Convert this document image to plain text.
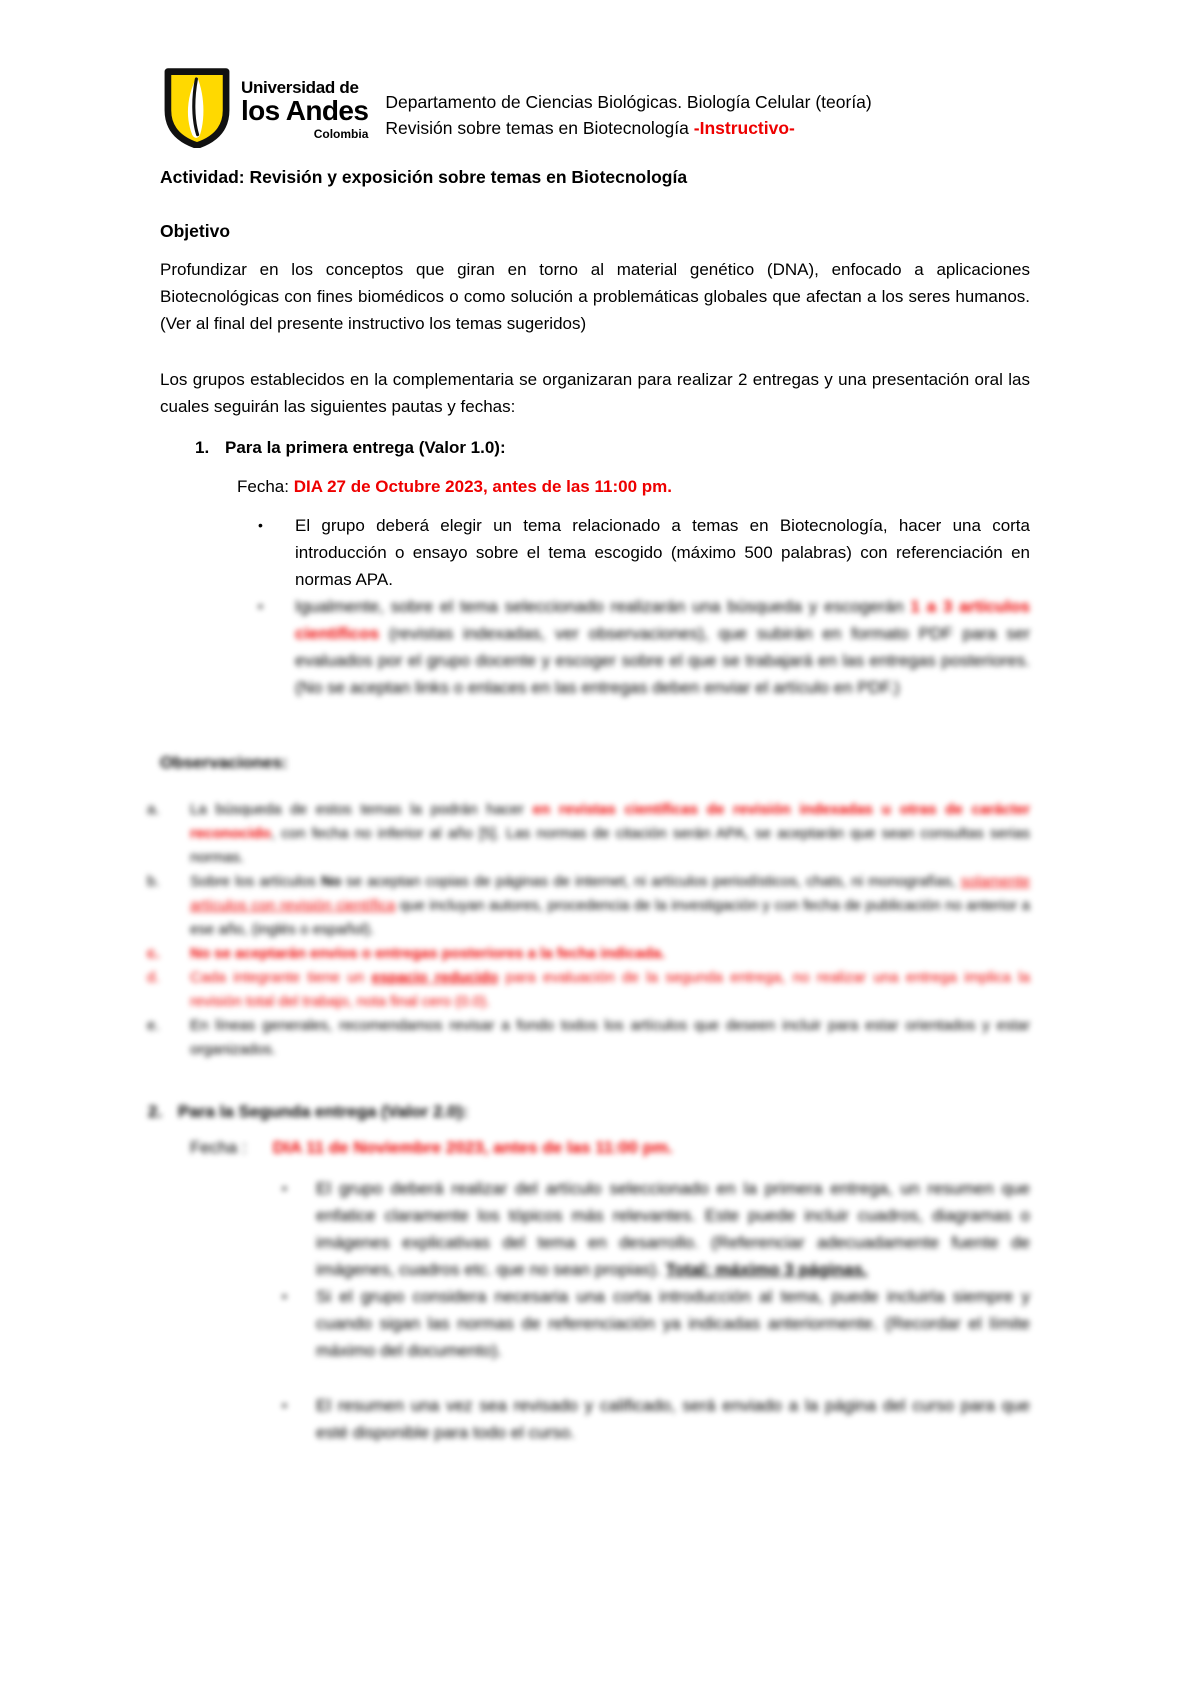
Universidad de
los Andes
Colombia
Departamento de Ciencias Biológicas. Biología Celular (teoría)
Revisión sobre temas en Biotecnología -Instructivo-
Actividad: Revisión y exposición sobre temas en Biotecnología
Objetivo

Profundizar en los conceptos que giran en torno al material genético (DNA), enfocado a aplicaciones Biotecnológicas con fines biomédicos o como solución a problemáticas globales que afectan a los seres humanos. (Ver al final del presente instructivo los temas sugeridos)

Los grupos establecidos en la complementaria se organizaran para realizar 2 entregas y una presentación oral las cuales seguirán las siguientes pautas y fechas:

1. Para la primera entrega (Valor 1.0):
Fecha: DIA 27 de Octubre 2023, antes de las 11:00 pm.
•	El grupo deberá elegir un tema relacionado a temas en Biotecnología, hacer una corta introducción o ensayo sobre el tema escogido (máximo 500 palabras) con referenciación en normas APA.
•	Igualmente, sobre el tema seleccionado realizarán una búsqueda y escogerán 1 a 3 artículos científicos (revistas indexadas, ver observaciones), que subirán en formato PDF para ser evaluados por el grupo docente y escoger sobre el que se trabajará en las entregas posteriores. (No se aceptan links o enlaces en las entregas deben enviar el artículo en PDF.)
Observaciones:
a.	La búsqueda de estos temas la podrán hacer en revistas científicas de revisión indexadas u otras de carácter reconocido, con fecha no inferior al año [5]. Las normas de citación serán APA, se aceptarán que sean consultas serias normas.
b.	Sobre los artículos No se aceptan copias de páginas de internet, ni artículos periodísticos, chats, ni monografías, solamente artículos con revisión científica que incluyan autores, procedencia de la investigación y con fecha de publicación no anterior a ese año, (inglés o español).
c.	No se aceptarán envíos o entregas posteriores a la fecha indicada.
d.	Cada integrante tiene un espacio reducido para evaluación de la segunda entrega, no realizar una entrega implica la revisión total del trabajo, nota final cero (0.0).
e.	En líneas generales, recomendamos revisar a fondo todos los artículos que deseen incluir para estar orientados y estar organizados.
2. Para la Segunda entrega (Valor 2.0):
Fecha : DIA 11 de Noviembre 2023, antes de las 11:00 pm.
•	El grupo deberá realizar del artículo seleccionado en la primera entrega, un resumen que enfatice claramente los tópicos más relevantes. Este puede incluir cuadros, diagramas o imágenes explicativas del tema en desarrollo. (Referenciar adecuadamente fuente de imágenes, cuadros etc. que no sean propias). Total: máximo 3 páginas.
•	Si el grupo considera necesaria una corta introducción al tema, puede incluirla siempre y cuando sigan las normas de referenciación ya indicadas anteriormente. (Recordar el límite máximo del documento).
•	El resumen una vez sea revisado y calificado, será enviado a la página del curso para que esté disponible para todo el curso.
